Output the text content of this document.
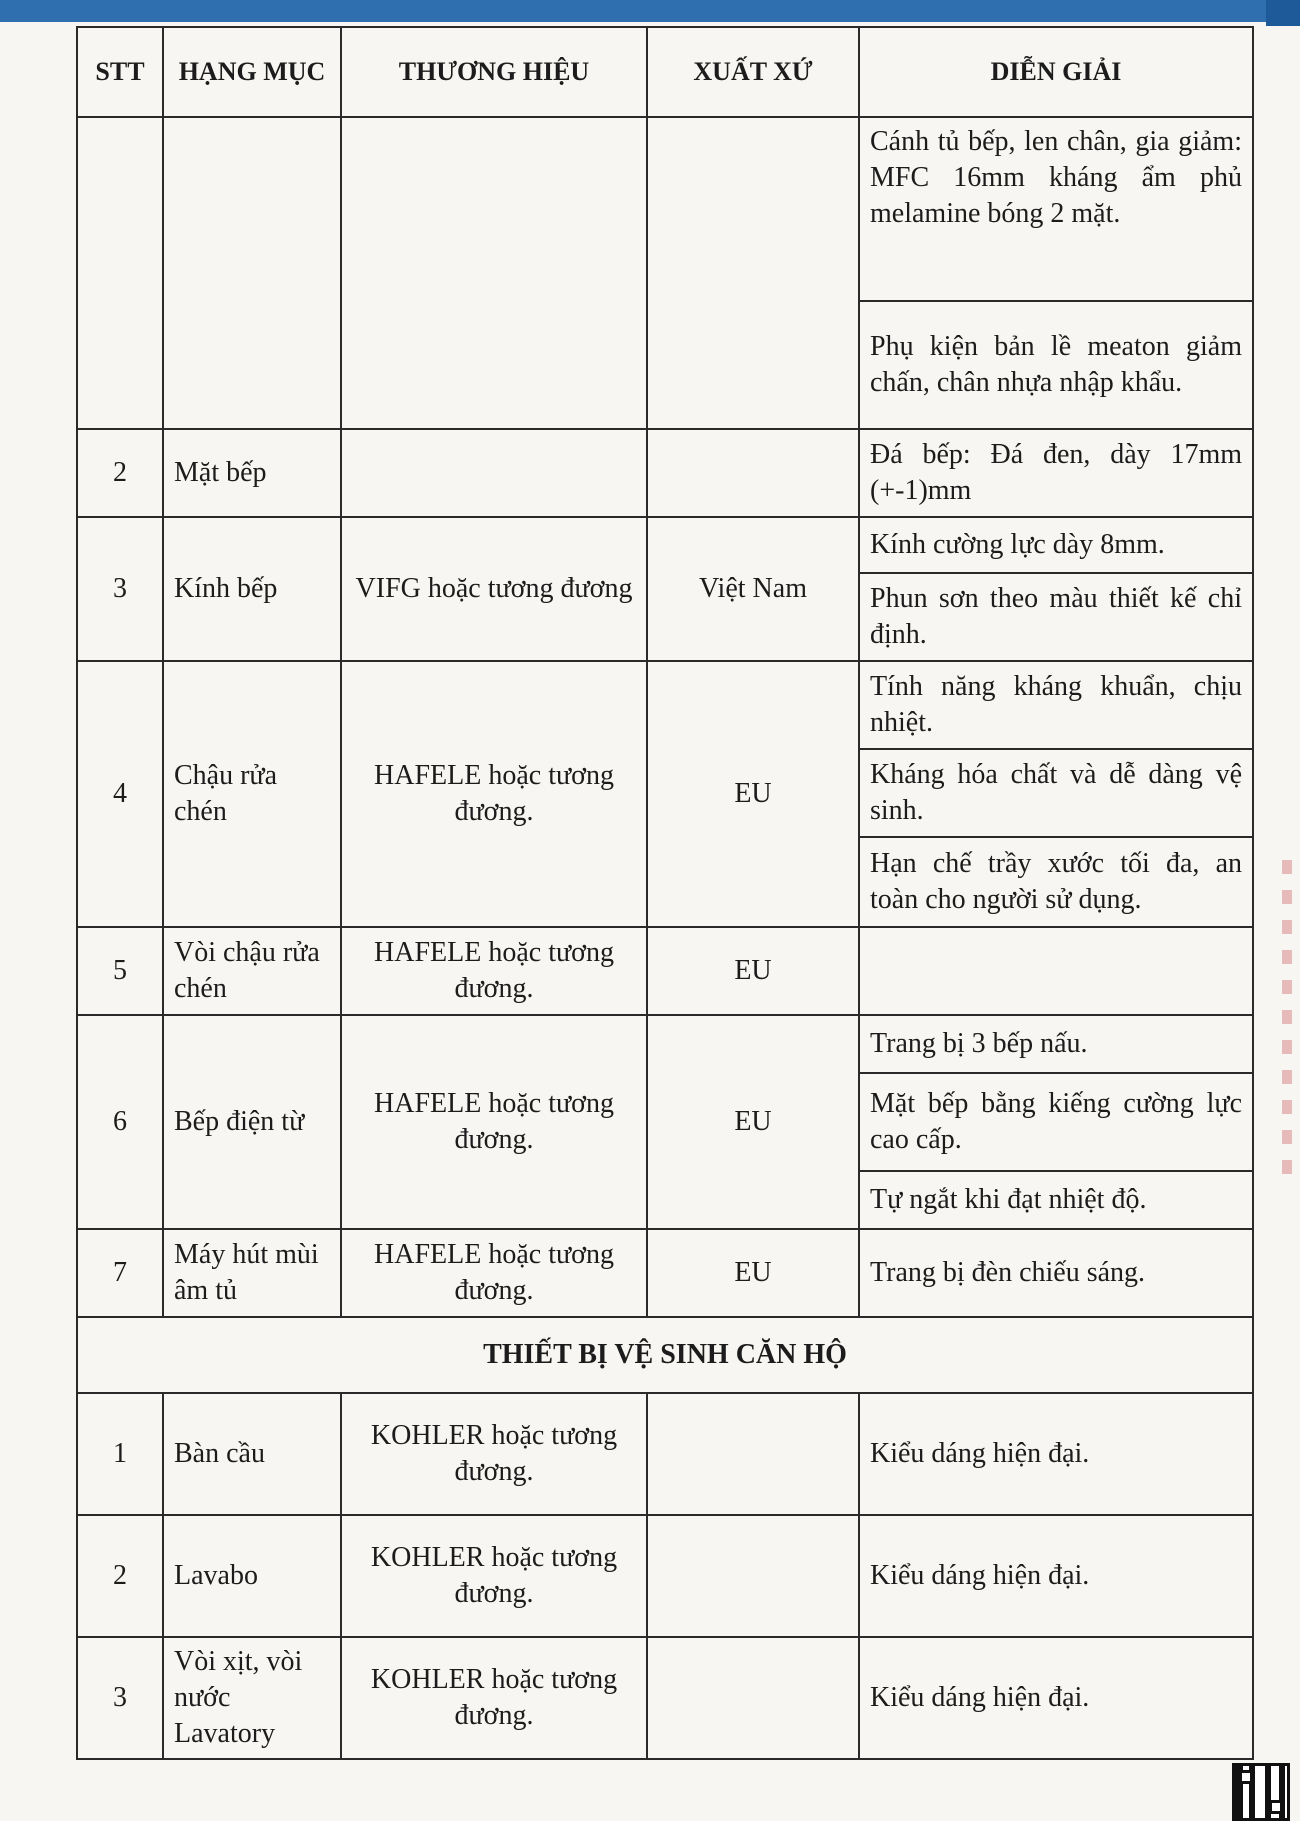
STT	HẠNG MỤC	THƯƠNG HIỆU	XUẤT XỨ	DIỄN GIẢI
				Cánh tủ bếp, len chân, gia giảm: MFC 16mm kháng ẩm phủ melamine bóng 2 mặt.
				Phụ kiện bản lề meaton giảm chấn, chân nhựa nhập khẩu.
2	Mặt bếp			Đá bếp: Đá đen, dày 17mm (+-1)mm
3	Kính bếp	VIFG hoặc tương đương	Việt Nam	Kính cường lực dày 8mm.
				Phun sơn theo màu thiết kế chỉ định.
4	Chậu rửa chén	HAFELE hoặc tương đương.	EU	Tính năng kháng khuẩn, chịu nhiệt.
				Kháng hóa chất và dễ dàng vệ sinh.
				Hạn chế trầy xước tối đa, an toàn cho người sử dụng.
5	Vòi chậu rửa chén	HAFELE hoặc tương đương.	EU	
6	Bếp điện từ	HAFELE hoặc tương đương.	EU	Trang bị 3 bếp nấu.
				Mặt bếp bằng kiếng cường lực cao cấp.
				Tự ngắt khi đạt nhiệt độ.
7	Máy hút mùi âm tủ	HAFELE hoặc tương đương.	EU	Trang bị đèn chiếu sáng.
THIẾT BỊ VỆ SINH CĂN HỘ				
1	Bàn cầu	KOHLER hoặc tương đương.		Kiểu dáng hiện đại.
2	Lavabo	KOHLER hoặc tương đương.		Kiểu dáng hiện đại.
3	Vòi xịt, vòi nước Lavatory	KOHLER hoặc tương đương.		Kiểu dáng hiện đại.
